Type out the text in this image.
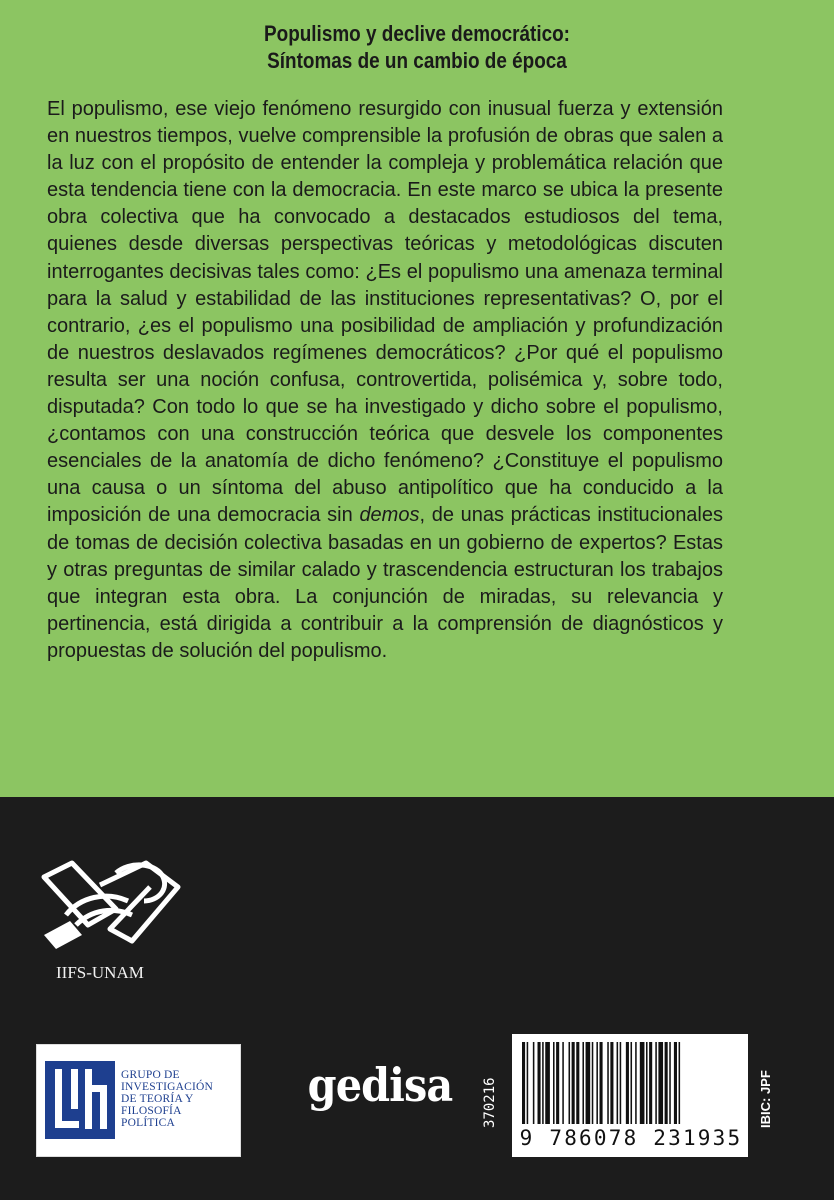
Populismo y declive democrático:
Síntomas de un cambio de época
El populismo, ese viejo fenómeno resurgido con inusual fuerza y extensión en nuestros tiempos, vuelve comprensible la profusión de obras que salen a la luz con el propósito de entender la compleja y problemática relación que esta tendencia tiene con la democracia. En este marco se ubica la presente obra colectiva que ha convocado a destacados estudiosos del tema, quienes desde diversas perspectivas teóricas y metodológicas discuten interrogantes decisivas tales como: ¿Es el populismo una amenaza terminal para la salud y estabilidad de las instituciones representativas? O, por el contrario, ¿es el populismo una posibilidad de ampliación y profundización de nuestros deslavados regímenes democráticos? ¿Por qué el populismo resulta ser una noción confusa, controvertida, polisémica y, sobre todo, disputada? Con todo lo que se ha investigado y dicho sobre el populismo, ¿contamos con una construcción teórica que desvele los componentes esenciales de la anatomía de dicho fenómeno? ¿Constituye el populismo una causa o un síntoma del abuso antipolítico que ha conducido a la imposición de una democracia sin demos, de unas prácticas institucionales de tomas de decisión colectiva basadas en un gobierno de expertos? Estas y otras preguntas de similar calado y trascendencia estructuran los trabajos que integran esta obra. La conjunción de miradas, su relevancia y pertinencia, está dirigida a contribuir a la comprensión de diagnósticos y propuestas de solución del populismo.
IIFS-UNAM
GRUPO DE
INVESTIGACIÓN
DE TEORÍA Y
FILOSOFÍA
POLÍTICA
gedisa	370216
9 786078 231935
IBIC: JPF
